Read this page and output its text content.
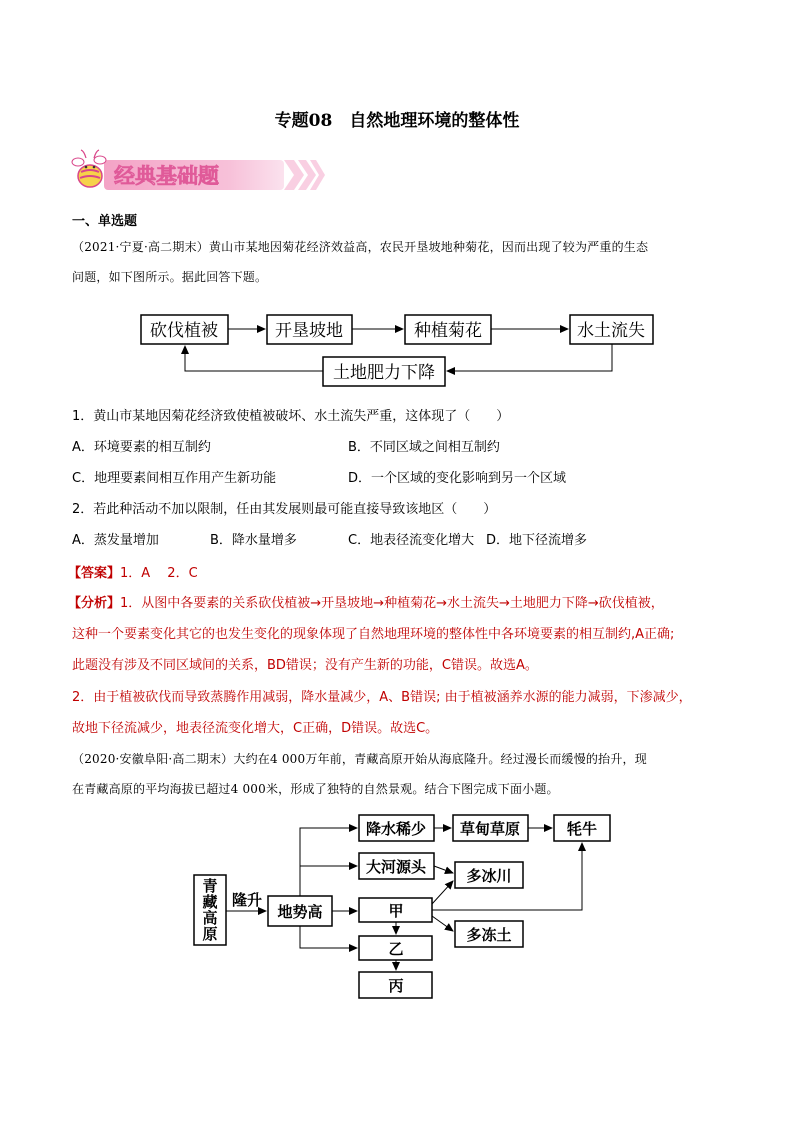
专题08　自然地理环境的整体性
经典基础题
一、单选题
（2021·宁夏·高二期末）黄山市某地因菊花经济效益高，农民开垦坡地种菊花，因而出现了较为严重的生态
问题，如下图所示。据此回答下题。
砍伐植被	开垦坡地	种植菊花	水土流失
土地肥力下降
1．黄山市某地因菊花经济致使植被破坏、水土流失严重，这体现了（　　）
A．环境要素的相互制约	B．不同区域之间相互制约
C．地理要素间相互作用产生新功能	D．一个区域的变化影响到另一个区域
2．若此种活动不加以限制，任由其发展则最可能直接导致该地区（　　）
A．蒸发量增加	B．降水量增多	C．地表径流变化增大 D．地下径流增多
【答案】1．A　 2．C
【分析】1．从图中各要素的关系砍伐植被→开垦坡地→种植菊花→水土流失→土地肥力下降→砍伐植被，
这种一个要素变化其它的也发生变化的现象体现了自然地理环境的整体性中各环境要素的相互制约,A正确;
此题没有涉及不同区域间的关系，BD错误；没有产生新的功能，C错误。故选A。
2．由于植被砍伐而导致蒸腾作用减弱，降水量减少，A、B错误; 由于植被涵养水源的能力减弱，下渗减少，
故地下径流减少，地表径流变化增大，C正确，D错误。故选C。
（2020·安徽阜阳·高二期末）大约在4 000万年前，青藏高原开始从海底隆升。经过漫长而缓慢的抬升，现
在青藏高原的平均海拔已超过4 000米，形成了独特的自然景观。结合下图完成下面小题。
青
藏
高
原
隆升
地势高
降水稀少 草甸草原	牦牛
大河源头	多冰川
甲
乙
丙
多冻土
